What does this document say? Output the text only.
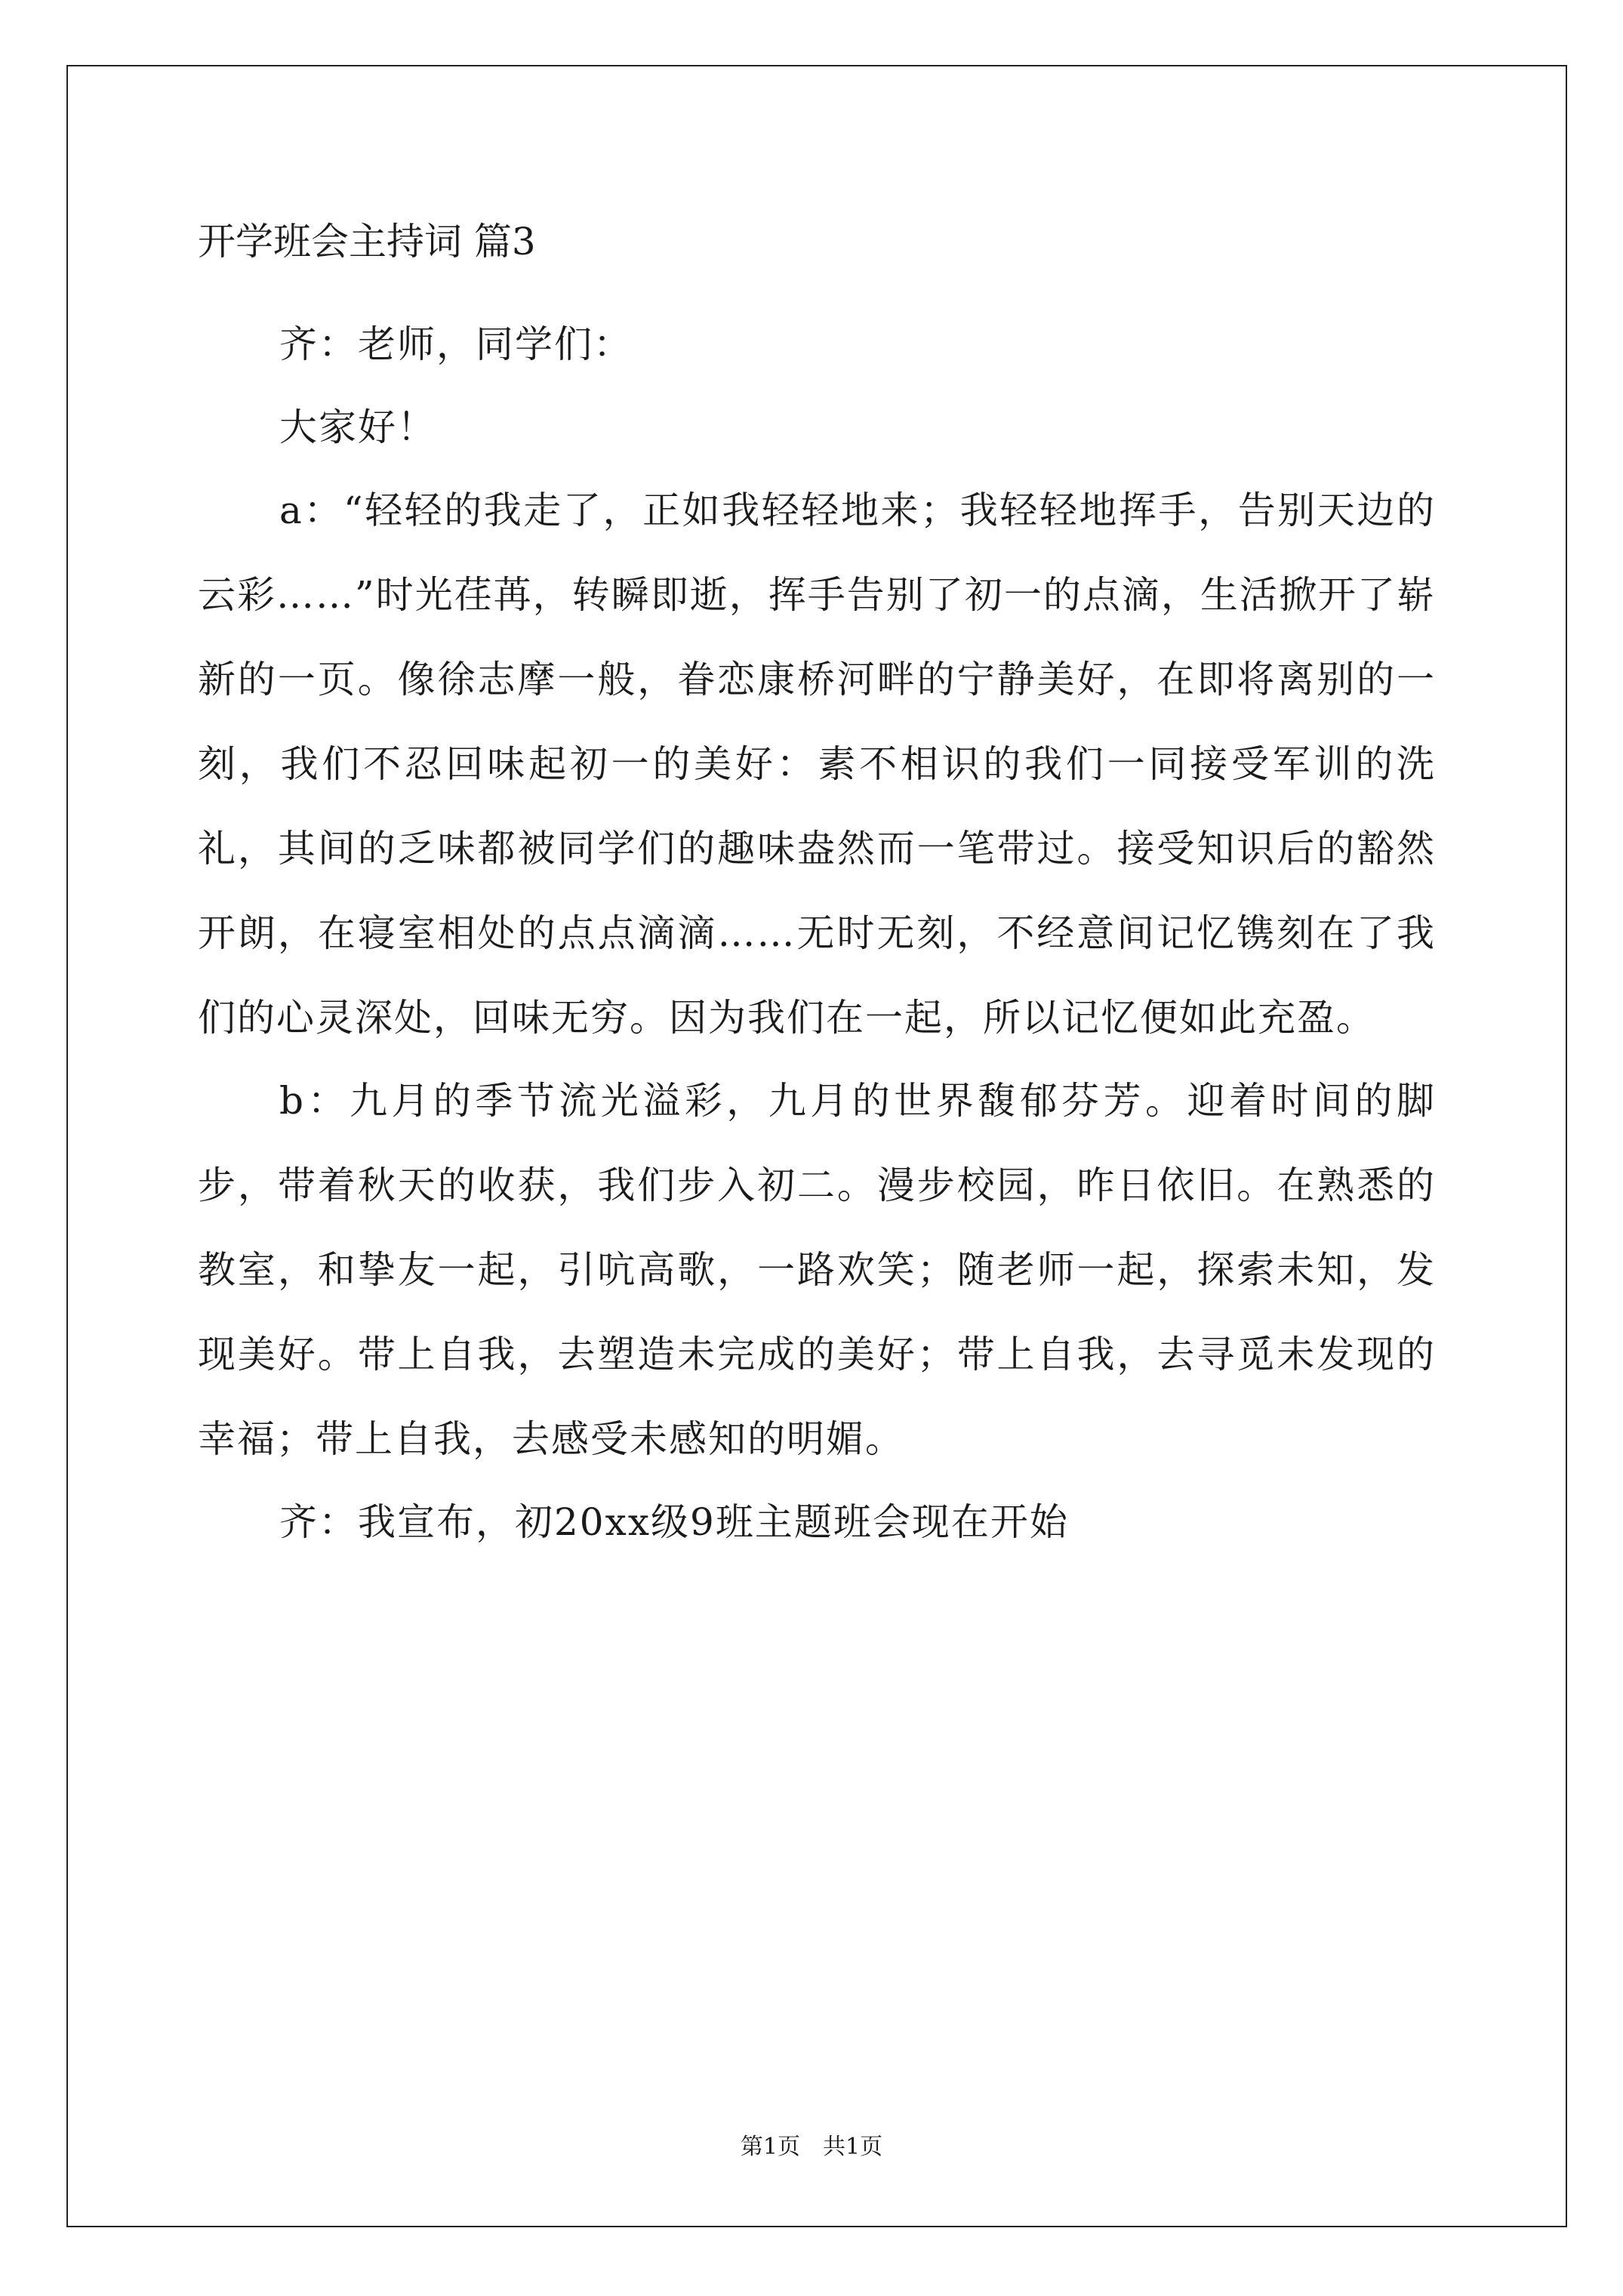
开学班会主持词 篇3

齐：老师，同学们：

大家好！

a：“轻轻的我走了，正如我轻轻地来；我轻轻地挥手，告别天边的云彩……”时光荏苒，转瞬即逝，挥手告别了初一的点滴，生活掀开了崭新的一页。像徐志摩一般，眷恋康桥河畔的宁静美好，在即将离别的一刻，我们不忍回味起初一的美好：素不相识的我们一同接受军训的洗礼，其间的乏味都被同学们的趣味盎然而一笔带过。接受知识后的豁然开朗，在寝室相处的点点滴滴……无时无刻，不经意间记忆镌刻在了我们的心灵深处，回味无穷。因为我们在一起，所以记忆便如此充盈。

b：九月的季节流光溢彩，九月的世界馥郁芬芳。迎着时间的脚步，带着秋天的收获，我们步入初二。漫步校园，昨日依旧。在熟悉的教室，和挚友一起，引吭高歌，一路欢笑；随老师一起，探索未知，发现美好。带上自我，去塑造未完成的美好；带上自我，去寻觅未发现的幸福；带上自我，去感受未感知的明媚。

齐：我宣布，初20xx级9班主题班会现在开始

第1页　共1页
